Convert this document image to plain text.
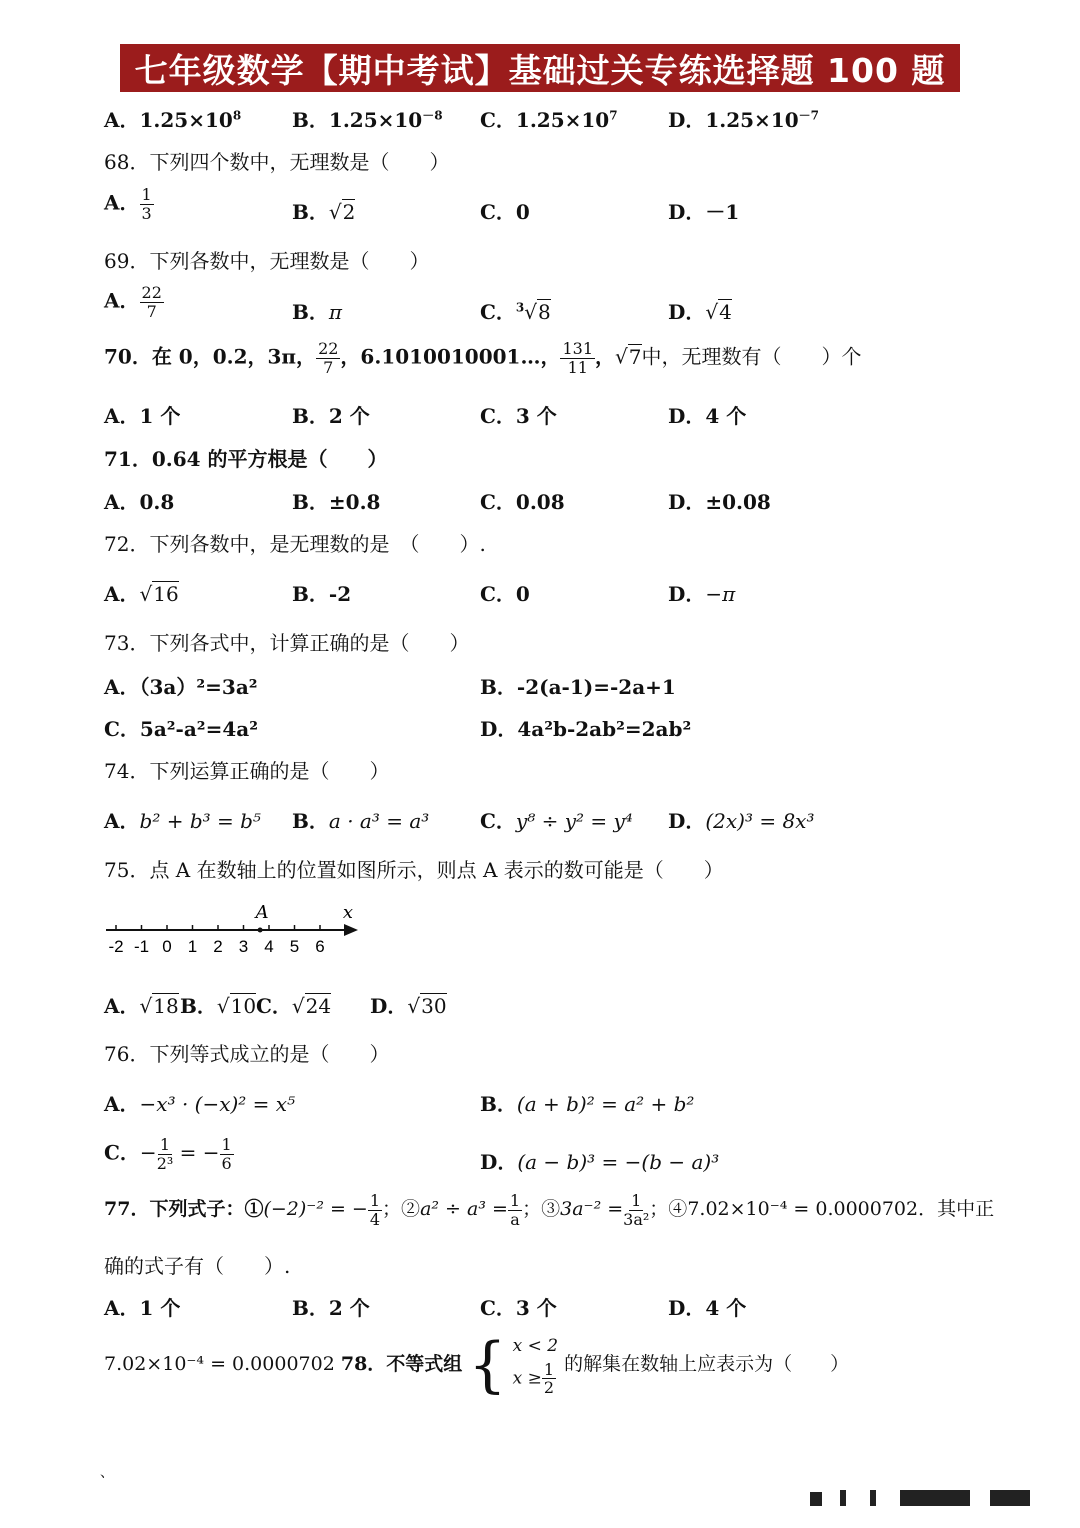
七年级数学【期中考试】基础过关专练选择题 100 题
A．$1.25\times 10^8$	B．$1.25\times 10^{-8}$ C．$1.25\times 10^7$	D．$1.25\times 10^{-7}$
68．下列四个数中，无理数是（　　）
A． $\frac{1}{3}$	B．√2	C．0	D．－1
69．下列各数中，无理数是（　　）
A． $\frac{22}{7}$	B．π	C．$^3$√8	D．√4
70．在 0，0.2，3π， $\frac{22}{7}$ ，6.1010010001…， $\frac{131}{11}$ ，√7中，无理数有（　　）个
A．1 个	B．2 个	C．3 个	D．4 个
71．0.64 的平方根是（　　）
A．0.8	B．±0.8	C．0.08	D．±0.08
72．下列各数中，是无理数的是　（　　）.
A．√16	B．-2	C．0	D．−π
73．下列各式中，计算正确的是（　　）
A．（3a）²=3a²	B．-2(a-1)=-2a+1
C．5a²-a²=4a²	D．4a²b-2ab²=2ab²
74．下列运算正确的是（　　）
A．b² + b³ = b⁵ B．a · a³ = a³	C．y⁸ ÷ y² = y⁴ D．(2x)³ = 8x³
75．点 A 在数轴上的位置如图所示，则点 A 表示的数可能是（　　）
-2 -1 0 1 2 3 4 5 6
A	x
A．√18 B．√10 C．√24 D．√30
76．下列等式成立的是（　　）
A．−x³ · (−x)² = x⁵	B．(a + b)² = a² + b²
C．− $\frac{1}{\text{2³}}$ = − $\frac{1}{6}$	D．(a − b)³ = −(b − a)³
77．下列式子：①(−2)⁻² = − $\frac{1}{4}$ ；②a² ÷ $a^3 = \frac{1}{a}$ ；③3a⁻² = $\frac{1}{\text{3a²}}$ ；④7.02×10⁻⁴ = 0.0000702．其中正
确的式子有（　　）.
A．1 个	B．2 个	C．3 个	D．4 个
7.02×10⁻⁴ = 0.0000702 78．不等式组 { x < 2
$x \ge \frac{1}{2}$ 的解集在数轴上应表示为（　　）
、
